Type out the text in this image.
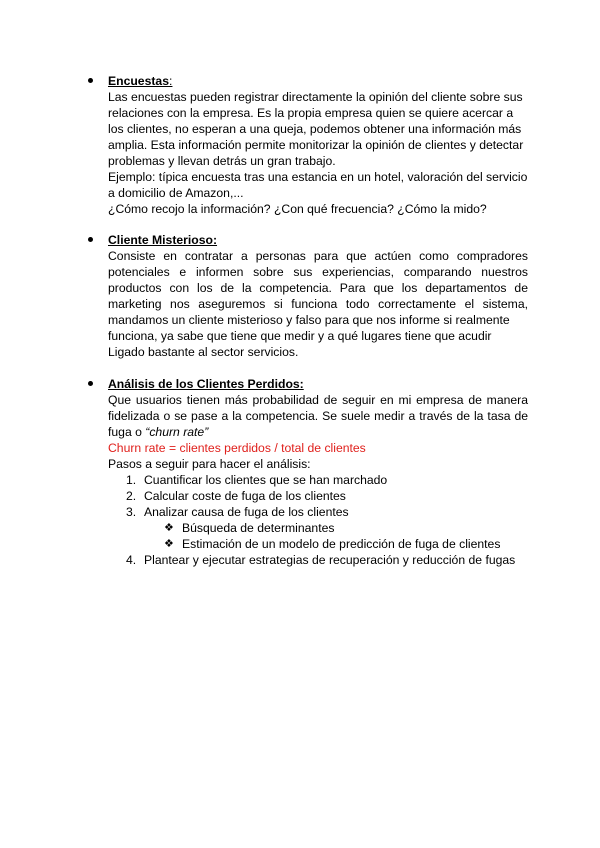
Encuestas:

Las encuestas pueden registrar directamente la opinión del cliente sobre sus

relaciones con la empresa. Es la propia empresa quien se quiere acercar a

los clientes, no esperan a una queja, podemos obtener una información más

ampliа. Esta información permite monitorizar la opinión de clientes y detectar

problemas y llevan detrás un gran trabajo.

Ejemplo: típica encuesta tras una estancia en un hotel, valoración del servicio

a domicilio de Amazon,...

¿Cómo recojo la información? ¿Con qué frecuencia? ¿Cómo la mido?

Cliente Misterioso:

Consiste en contratar a personas para que actúen como compradores

potenciales e informen sobre sus experiencias, comparando nuestros

productos con los de la competencia. Para que los departamentos de

marketing nos aseguremos si funciona todo correctamente el sistema,

mandamos un cliente misterioso y falso para que nos informe si realmente

funciona, ya sabe que tiene que medir y a qué lugares tiene que acudir

Ligado bastante al sector servicios.

Análisis de los Clientes Perdidos:

Que usuarios tienen más probabilidad de seguir en mi empresa de manera

fidelizada o se pase a la competencia. Se suele medir a través de la tasa de

fuga o “churn rate”

Churn rate = clientes perdidos / total de clientes

Pasos a seguir para hacer el análisis:

1. Cuantificar los clientes que se han marchado
2. Calcular coste de fuga de los clientes
3. Analizar causa de fuga de los clientes
❖ Búsqueda de determinantes
❖ Estimación de un modelo de predicción de fuga de clientes
4. Plantear y ejecutar estrategias de recuperación y reducción de fugas
